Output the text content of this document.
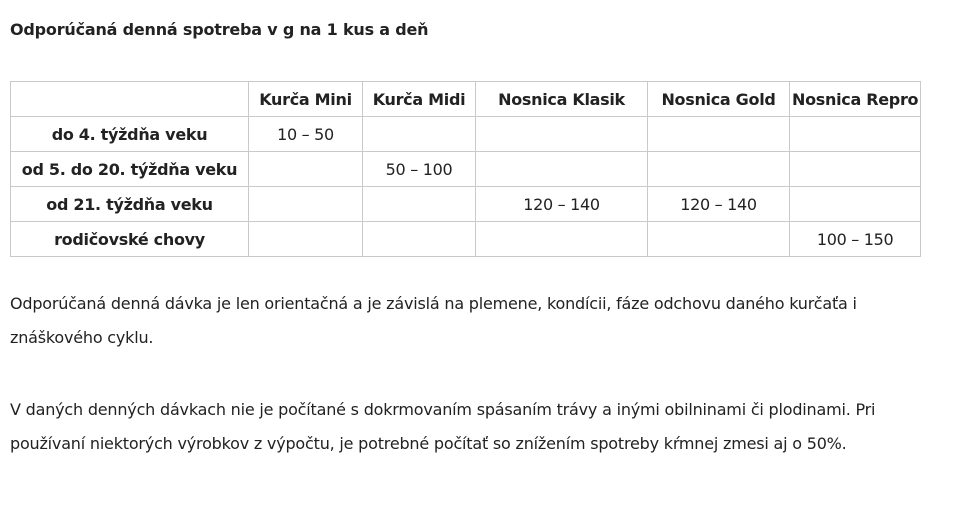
Odporúčaná denná spotreba v g na 1 kus a deň
	Kurča Mini	Kurča Midi	Nosnica Klasik	Nosnica Gold	Nosnica Repro
do 4. týždňa veku	10 – 50				
od 5. do 20. týždňa veku		50 – 100			
od 21. týždňa veku			120 – 140	120 – 140	
rodičovské chovy					100 – 150

Odporúčaná denná dávka je len orientačná a je závislá na plemene, kondícii, fáze odchovu daného kurčaťa i znáškového cyklu.

V daných denných dávkach nie je počítané s dokrmovaním spásaním trávy a inými obilninami či plodinami. Pri používaní niektorých výrobkov z výpočtu, je potrebné počítať so znížením spotreby kŕmnej zmesi aj o 50%.
